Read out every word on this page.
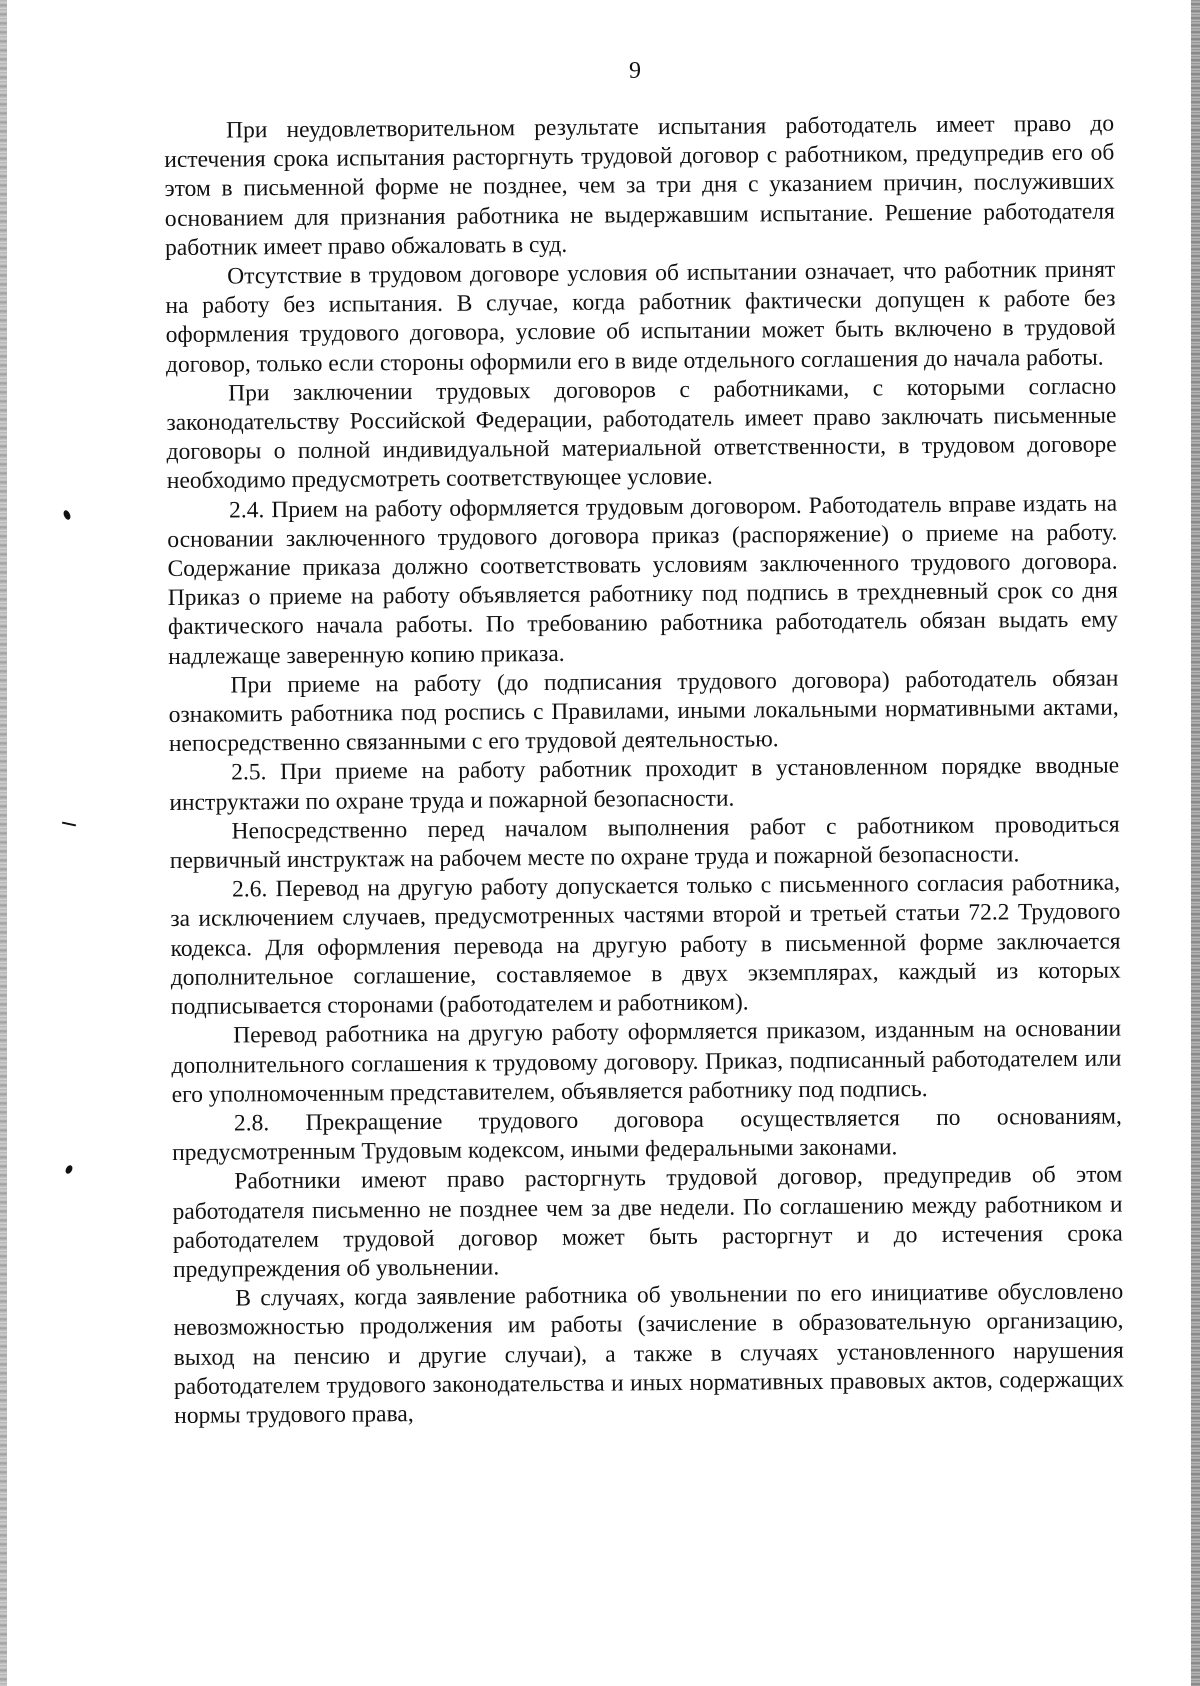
9

При неудовлетворительном результате испытания работодатель имеет право до истечения срока испытания расторгнуть трудовой договор с работником, предупредив его об этом в письменной форме не позднее, чем за три дня с указанием причин, послуживших основанием для признания работника не выдержавшим испытание. Решение работодателя работник имеет право обжаловать в суд.

Отсутствие в трудовом договоре условия об испытании означает, что работник принят на работу без испытания. В случае, когда работник фактически допущен к работе без оформления трудового договора, условие об испытании может быть включено в трудовой договор, только если стороны оформили его в виде отдельного соглашения до начала работы.

При заключении трудовых договоров с работниками, с которыми согласно законодательству Российской Федерации, работодатель имеет право заключать письменные договоры о полной индивидуальной материальной ответственности, в трудовом договоре необходимо предусмотреть соответствующее условие.

2.4. Прием на работу оформляется трудовым договором. Работодатель вправе издать на основании заключенного трудового договора приказ (распоряжение) о приеме на работу. Содержание приказа должно соответствовать условиям заключенного трудового договора. Приказ о приеме на работу объявляется работнику под подпись в трехдневный срок со дня фактического начала работы. По требованию работника работодатель обязан выдать ему надлежаще заверенную копию приказа.

При приеме на работу (до подписания трудового договора) работодатель обязан ознакомить работника под роспись с Правилами, иными локальными нормативными актами, непосредственно связанными с его трудовой деятельностью.

2.5. При приеме на работу работник проходит в установленном порядке вводные инструктажи по охране труда и пожарной безопасности.

Непосредственно перед началом выполнения работ с работником проводиться первичный инструктаж на рабочем месте по охране труда и пожарной безопасности.

2.6. Перевод на другую работу допускается только с письменного согласия работника, за исключением случаев, предусмотренных частями второй и третьей статьи 72.2 Трудового кодекса. Для оформления перевода на другую работу в письменной форме заключается дополнительное соглашение, составляемое в двух экземплярах, каждый из которых подписывается сторонами (работодателем и работником).

Перевод работника на другую работу оформляется приказом, изданным на основании дополнительного соглашения к трудовому договору. Приказ, подписанный работодателем или его уполномоченным представителем, объявляется работнику под подпись.

2.8. Прекращение трудового договора осуществляется по основаниям, предусмотренным Трудовым кодексом, иными федеральными законами.

Работники имеют право расторгнуть трудовой договор, предупредив об этом работодателя письменно не позднее чем за две недели. По соглашению между работником и работодателем трудовой договор может быть расторгнут и до истечения срока предупреждения об увольнении.

В случаях, когда заявление работника об увольнении по его инициативе обусловлено невозможностью продолжения им работы (зачисление в образовательную организацию, выход на пенсию и другие случаи), а также в случаях установленного нарушения работодателем трудового законодательства и иных нормативных правовых актов, содержащих нормы трудового права,
